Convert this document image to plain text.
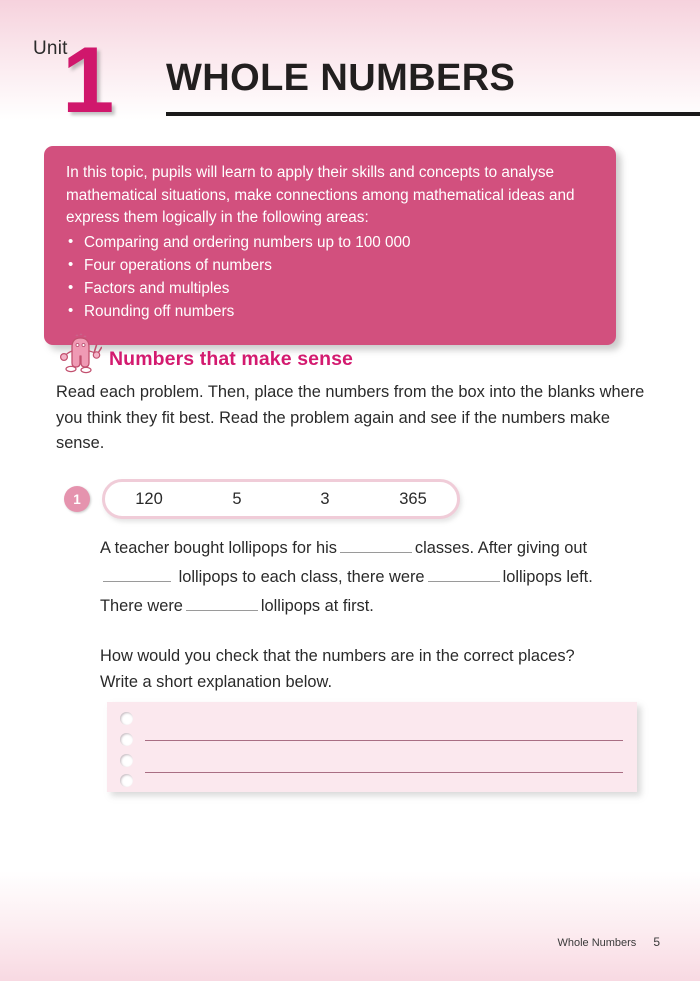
Unit
1 WHOLE NUMBERS

In this topic, pupils will learn to apply their skills and concepts to analyse mathematical situations, make connections among mathematical ideas and express them logically in the following areas:

• Comparing and ordering numbers up to 100 000
• Four operations of numbers
• Factors and multiples
• Rounding off numbers
Numbers that make sense
Read each problem. Then, place the numbers from the box into the blanks where you think they fit best. Read the problem again and see if the numbers make sense.
1	120	5	3	365
A teacher bought lollipops for his	classes. After giving out
lollipops to each class, there were	lollipops left.
There were	lollipops at first.
How would you check that the numbers are in the correct places?
Write a short explanation below.
Whole Numbers 5
